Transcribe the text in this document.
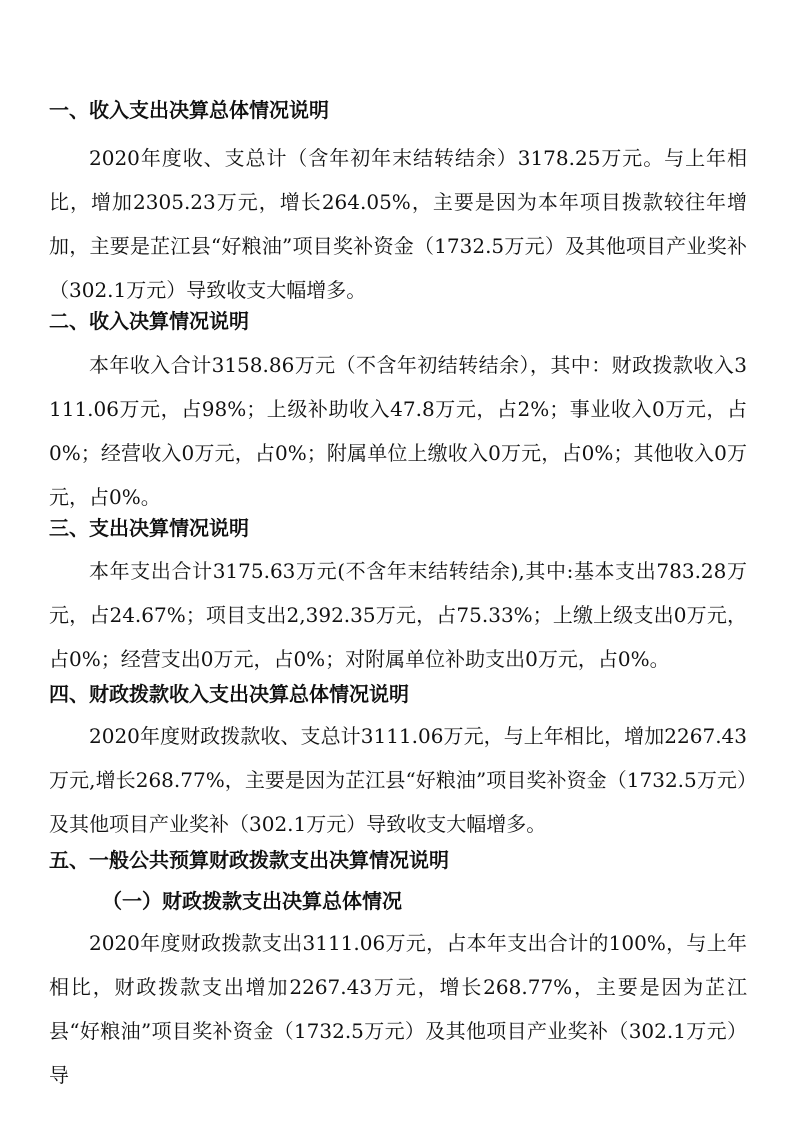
一、收入支出决算总体情况说明

2020年度收、支总计（含年初年末结转结余）3178.25万元。与上年相比，增加2305.23万元，增长264.05%，主要是因为本年项目拨款较往年增加，主要是芷江县“好粮油”项目奖补资金（1732.5万元）及其他项目产业奖补（302.1万元）导致收支大幅增多。

二、收入决算情况说明

本年收入合计3158.86万元（不含年初结转结余），其中：财政拨款收入3111.06万元，占98%；上级补助收入47.8万元，占2%；事业收入0万元，占0%；经营收入0万元，占0%；附属单位上缴收入0万元，占0%；其他收入0万元，占0%。

三、支出决算情况说明

本年支出合计3175.63万元(不含年末结转结余),其中:基本支出783.28万元，占24.67%；项目支出2,392.35万元，占75.33%；上缴上级支出0万元，占0%；经营支出0万元，占0%；对附属单位补助支出0万元，占0%。

四、财政拨款收入支出决算总体情况说明

2020年度财政拨款收、支总计3111.06万元，与上年相比，增加2267.43万元,增长268.77%，主要是因为芷江县“好粮油”项目奖补资金（1732.5万元）及其他项目产业奖补（302.1万元）导致收支大幅增多。

五、一般公共预算财政拨款支出决算情况说明
（一）财政拨款支出决算总体情况

2020年度财政拨款支出3111.06万元，占本年支出合计的100%，与上年相比，财政拨款支出增加2267.43万元，增长268.77%，主要是因为芷江县“好粮油”项目奖补资金（1732.5万元）及其他项目产业奖补（302.1万元）导
